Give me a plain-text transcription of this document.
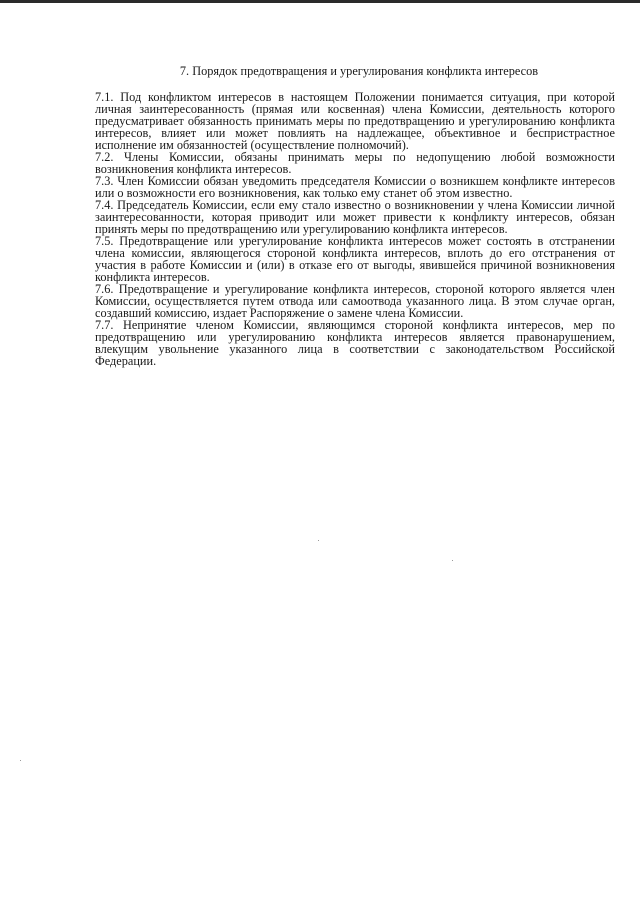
7. Порядок предотвращения и урегулирования конфликта интересов

7.1. Под конфликтом интересов в настоящем Положении понимается ситуация, при которой личная заинтересованность (прямая или косвенная) члена Комиссии, деятельность которого предусматривает обязанность принимать меры по предотвращению и урегулированию конфликта интересов, влияет или может повлиять на надлежащее, объективное и беспристрастное исполнение им обязанностей (осуществление полномочий).

7.2. Члены Комиссии, обязаны принимать меры по недопущению любой возможности возникновения конфликта интересов.

7.3. Член Комиссии обязан уведомить председателя Комиссии о возникшем конфликте интересов или о возможности его возникновения, как только ему станет об этом известно.

7.4. Председатель Комиссии, если ему стало известно о возникновении у члена Комиссии личной заинтересованности, которая приводит или может привести к конфликту интересов, обязан принять меры по предотвращению или урегулированию конфликта интересов.

7.5. Предотвращение или урегулирование конфликта интересов может состоять в отстранении члена комиссии, являющегося стороной конфликта интересов, вплоть до его отстранения от участия в работе Комиссии и (или) в отказе его от выгоды, явившейся причиной возникновения конфликта интересов.

7.6. Предотвращение и урегулирование конфликта интересов, стороной которого является член Комиссии, осуществляется путем отвода или самоотвода указанного лица. В этом случае орган, создавший комиссию, издает Распоряжение о замене члена Комиссии.

7.7. Непринятие членом Комиссии, являющимся стороной конфликта интересов, мер по предотвращению или урегулированию конфликта интересов является правонарушением, влекущим увольнение указанного лица в соответствии с законодательством Российской Федерации.
